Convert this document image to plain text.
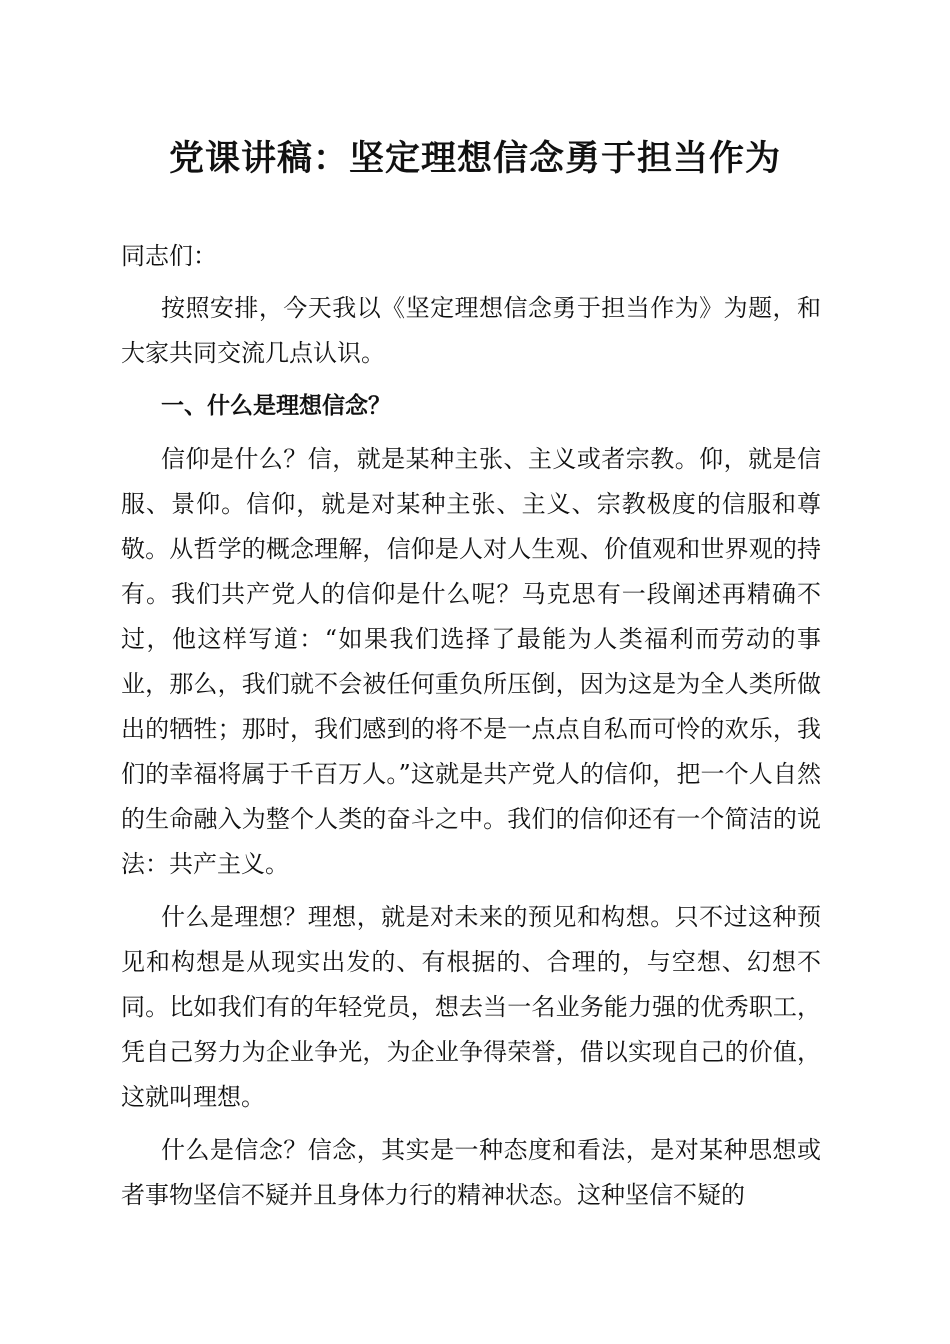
党课讲稿：坚定理想信念勇于担当作为

同志们：

按照安排，今天我以《坚定理想信念勇于担当作为》为题，和大家共同交流几点认识。

一、什么是理想信念？

信仰是什么？信，就是某种主张、主义或者宗教。仰，就是信服、景仰。信仰，就是对某种主张、主义、宗教极度的信服和尊敬。从哲学的概念理解，信仰是人对人生观、价值观和世界观的持有。我们共产党人的信仰是什么呢？马克思有一段阐述再精确不过，他这样写道：“如果我们选择了最能为人类福利而劳动的事业，那么，我们就不会被任何重负所压倒，因为这是为全人类所做出的牺牲；那时，我们感到的将不是一点点自私而可怜的欢乐，我们的幸福将属于千百万人。”这就是共产党人的信仰，把一个人自然的生命融入为整个人类的奋斗之中。我们的信仰还有一个简洁的说法：共产主义。

什么是理想？理想，就是对未来的预见和构想。只不过这种预见和构想是从现实出发的、有根据的、合理的，与空想、幻想不同。比如我们有的年轻党员，想去当一名业务能力强的优秀职工，凭自己努力为企业争光，为企业争得荣誉，借以实现自己的价值，这就叫理想。

什么是信念？信念，其实是一种态度和看法，是对某种思想或者事物坚信不疑并且身体力行的精神状态。这种坚信不疑的
